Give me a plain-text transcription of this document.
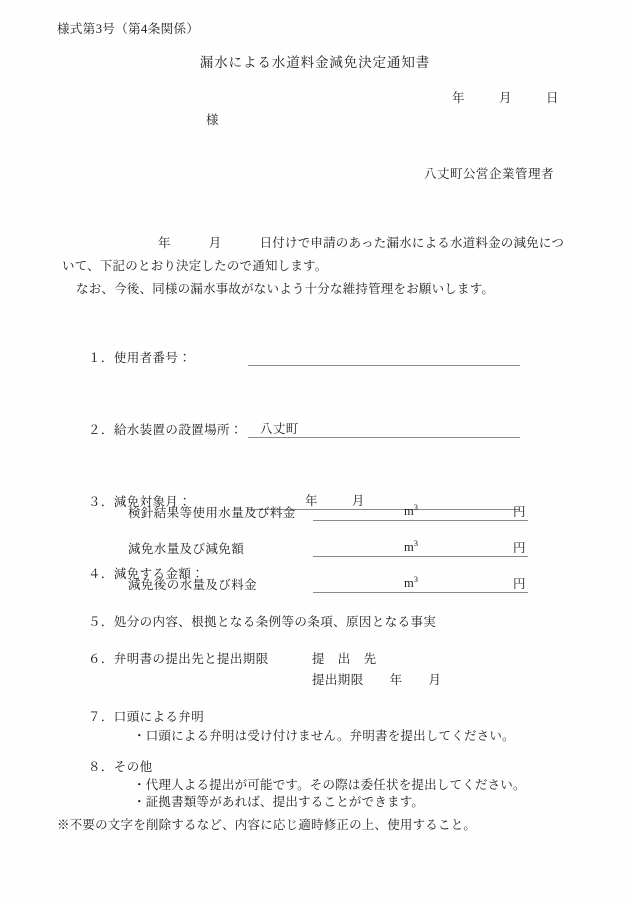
様式第3号（第4条関係）
漏水による水道料金減免決定通知書
年	月	日
様
八丈町公営企業管理者

年　　　月　　　日付けで申請のあった漏水による水道料金の減免について、下記のとおり決定したので通知します。

なお、今後、同様の漏水事故がないよう十分な維持管理をお願いします。

１．使用者番号：
２．給水装置の設置場所： 八丈町
３．減免対象月：	年	月
４．減免する金額：
検針結果等使用水量及び料金	$m^3$	円
減免水量及び減免額	$m^3$	円
減免後の水量及び料金	$m^3$	円
５．処分の内容、根拠となる条例等の条項、原因となる事実
６．弁明書の提出先と提出期限	提　出　先
提出期限 年 月
７．口頭による弁明
・口頭による弁明は受け付けません。弁明書を提出してください。
８．その他
・代理人よる提出が可能です。その際は委任状を提出してください。
・証拠書類等があれば、提出することができます。
※不要の文字を削除するなど、内容に応じ適時修正の上、使用すること。
